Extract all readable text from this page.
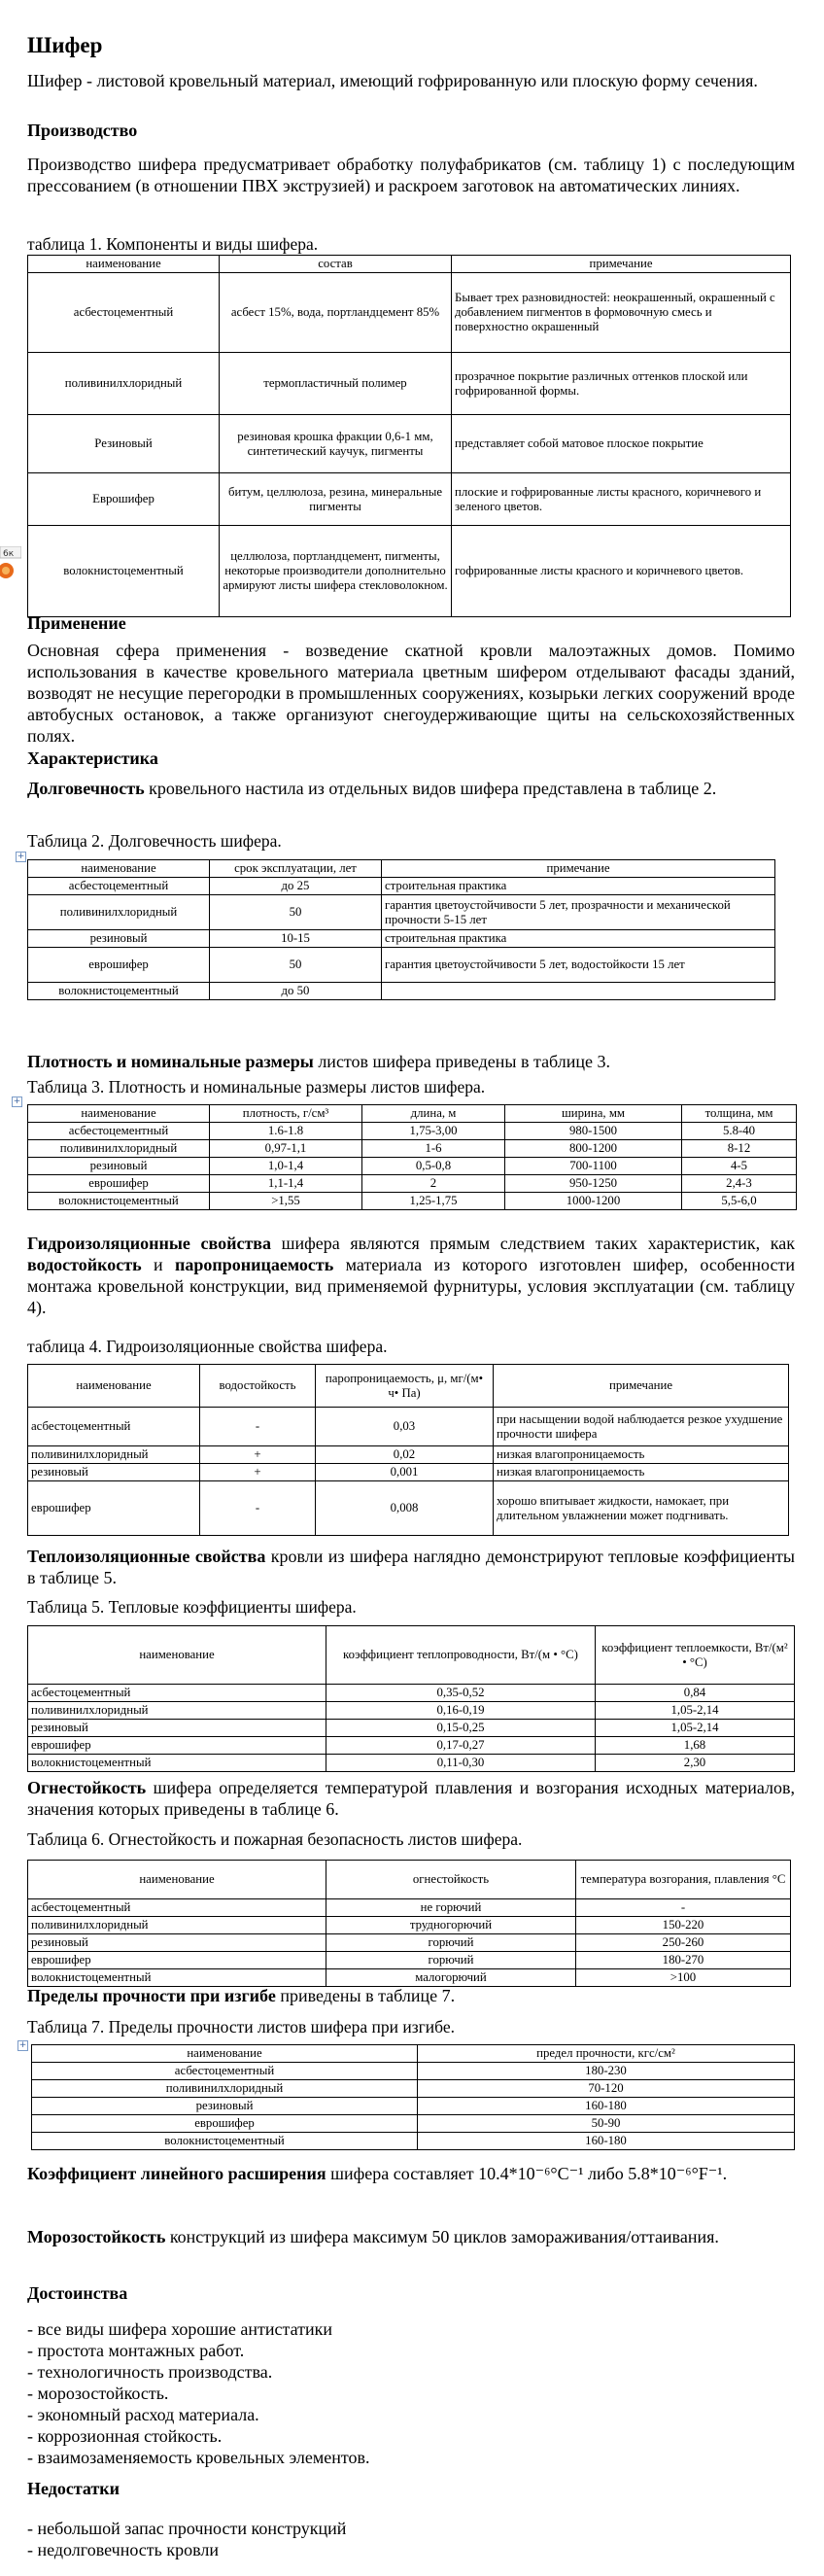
Шифер
Шифер - листовой кровельный материал, имеющий гофрированную или плоскую форму сечения.
Производство
Производство шифера предусматривает обработку полуфабрикатов (см. таблицу 1) с последующим прессованием (в отношении ПВХ экструзией) и раскроем заготовок на автоматических линиях.
таблица 1. Компоненты и виды шифера.
наименование	состав	примечание
асбестоцементный	асбест 15%, вода, портландцемент 85%	Бывает трех разновидностей: неокрашенный, окрашенный с добавлением пигментов в формовочную смесь и поверхностно окрашенный
поливинилхлоридный	термопластичный полимер	прозрачное покрытие различных оттенков плоской или гофрированной формы.
Резиновый	резиновая крошка фракции 0,6-1 мм, синтетический каучук, пигменты	представляет собой матовое плоское покрытие
Еврошифер	битум, целлюлоза, резина, минеральные пигменты	плоские и гофрированные листы красного, коричневого и зеленого цветов.
волокнистоцементный	целлюлоза, портландцемент, пигменты, некоторые производители дополнительно армируют листы шифера стекловолокном.	гофрированные листы красного и коричневого цветов.
6к
Применение
Основная сфера применения - возведение скатной кровли малоэтажных домов. Помимо использования в качестве кровельного материала цветным шифером отделывают фасады зданий, возводят не несущие перегородки в промышленных сооружениях, козырьки легких сооружений вроде автобусных остановок, а также организуют снегоудерживающие щиты на сельскохозяйственных полях.
Характеристика
Долговечность кровельного настила из отдельных видов шифера представлена в таблице 2.
Таблица 2. Долговечность шифера.
+
наименование	срок эксплуатации, лет	примечание
асбестоцементный	до 25	строительная практика
поливинилхлоридный	50	гарантия цветоустойчивости 5 лет, прозрачности и механической прочности 5-15 лет
резиновый	10-15	строительная практика
еврошифер	50	гарантия цветоустойчивости 5 лет, водостойкости 15 лет
волокнистоцементный	до 50	
Плотность и номинальные размеры листов шифера приведены в таблице 3.
Таблица 3. Плотность и номинальные размеры листов шифера.
+
наименование	плотность, г/см³	длина, м	ширина, мм	толщина, мм
асбестоцементный	1.6-1.8	1,75-3,00	980-1500	5.8-40
поливинилхлоридный	0,97-1,1	1-6	800-1200	8-12
резиновый	1,0-1,4	0,5-0,8	700-1100	4-5
еврошифер	1,1-1,4	2	950-1250	2,4-3
волокнистоцементный	>1,55	1,25-1,75	1000-1200	5,5-6,0
Гидроизоляционные свойства шифера являются прямым следствием таких характеристик, как водостойкость и паропроницаемость материала из которого изготовлен шифер, особенности монтажа кровельной конструкции, вид применяемой фурнитуры, условия эксплуатации (см. таблицу 4).
таблица 4. Гидроизоляционные свойства шифера.
наименование	водостойкость	паропроницаемость, μ, мг/(м• ч• Па)	примечание
асбестоцементный	-	0,03	при насыщении водой наблюдается резкое ухудшение прочности шифера
поливинилхлоридный	+	0,02	низкая влагопроницаемость
резиновый	+	0,001	низкая влагопроницаемость
еврошифер	-	0,008	хорошо впитывает жидкости, намокает, при длительном увлажнении может подгнивать.
Теплоизоляционные свойства кровли из шифера наглядно демонстрируют тепловые коэффициенты в таблице 5.
Таблица 5. Тепловые коэффициенты шифера.
наименование	коэффициент теплопроводности, Вт/(м • °С)	коэффициент теплоемкости, Вт/(м² • °С)
асбестоцементный	0,35-0,52	0,84
поливинилхлоридный	0,16-0,19	1,05-2,14
резиновый	0,15-0,25	1,05-2,14
еврошифер	0,17-0,27	1,68
волокнистоцементный	0,11-0,30	2,30
Огнестойкость шифера определяется температурой плавления и возгорания исходных материалов, значения которых приведены в таблице 6.
Таблица 6. Огнестойкость и пожарная безопасность листов шифера.
наименование	огнестойкость	температура возгорания, плавления °С
асбестоцементный	не горючий	-
поливинилхлоридный	трудногорючий	150-220
резиновый	горючий	250-260
еврошифер	горючий	180-270
волокнистоцементный	малогорючий	>100
Пределы прочности при изгибе приведены в таблице 7.
Таблица 7. Пределы прочности листов шифера при изгибе.
+
наименование	предел прочности, кгс/см²
асбестоцементный	180-230
поливинилхлоридный	70-120
резиновый	160-180
еврошифер	50-90
волокнистоцементный	160-180
Коэффициент линейного расширения шифера составляет 10.4*10⁻⁶°С⁻¹ либо 5.8*10⁻⁶°F⁻¹.
Морозостойкость конструкций из шифера максимум 50 циклов замораживания/оттаивания.
Достоинства
- все виды шифера хорошие антистатики
- простота монтажных работ.
- технологичность производства.
- морозостойкость.
- экономный расход материала.
- коррозионная стойкость.
- взаимозаменяемость кровельных элементов.
Недостатки
- небольшой запас прочности конструкций
- недолговечность кровли
